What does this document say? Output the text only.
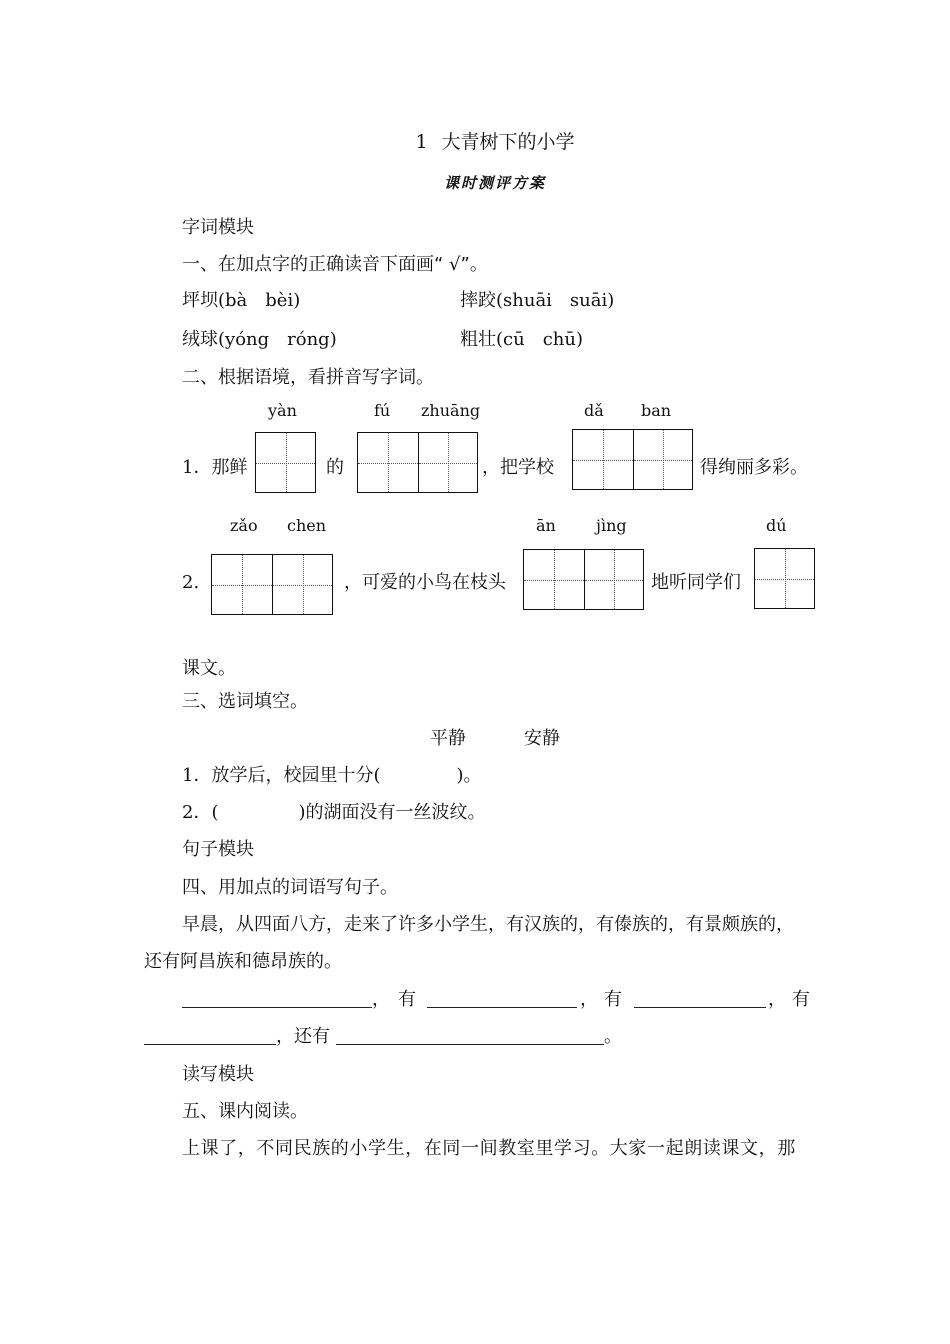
1 大青树下的小学
课时测评方案
字词模块
一、在加点字的正确读音下面画“ √”。
坪坝(bà　bèi)	摔跤(shuāi　suāi)
绒球(yóng　róng)	粗壮(cū　chū)
二、根据语境，看拼音写字词。
yàn	fú zhuāng	dǎ ban
1．那鲜	的	，把学校	得绚丽多彩。
zǎo chen	ān	jìng	dú
2.	，可爱的小鸟在枝头	地听同学们
课文。
三、选词填空。
平静	安静
1．放学后，校园里十分(	)。
2．(	)的湖面没有一丝波纹。
句子模块
四、用加点的词语写句子。
早晨，从四面八方，走来了许多小学生，有汉族的，有傣族的，有景颇族的，
还有阿昌族和德昂族的。
， 有	， 有	， 有
，还有	。
读写模块
五、课内阅读。
上课了，不同民族的小学生，在同一间教室里学习。大家一起朗读课文，那
